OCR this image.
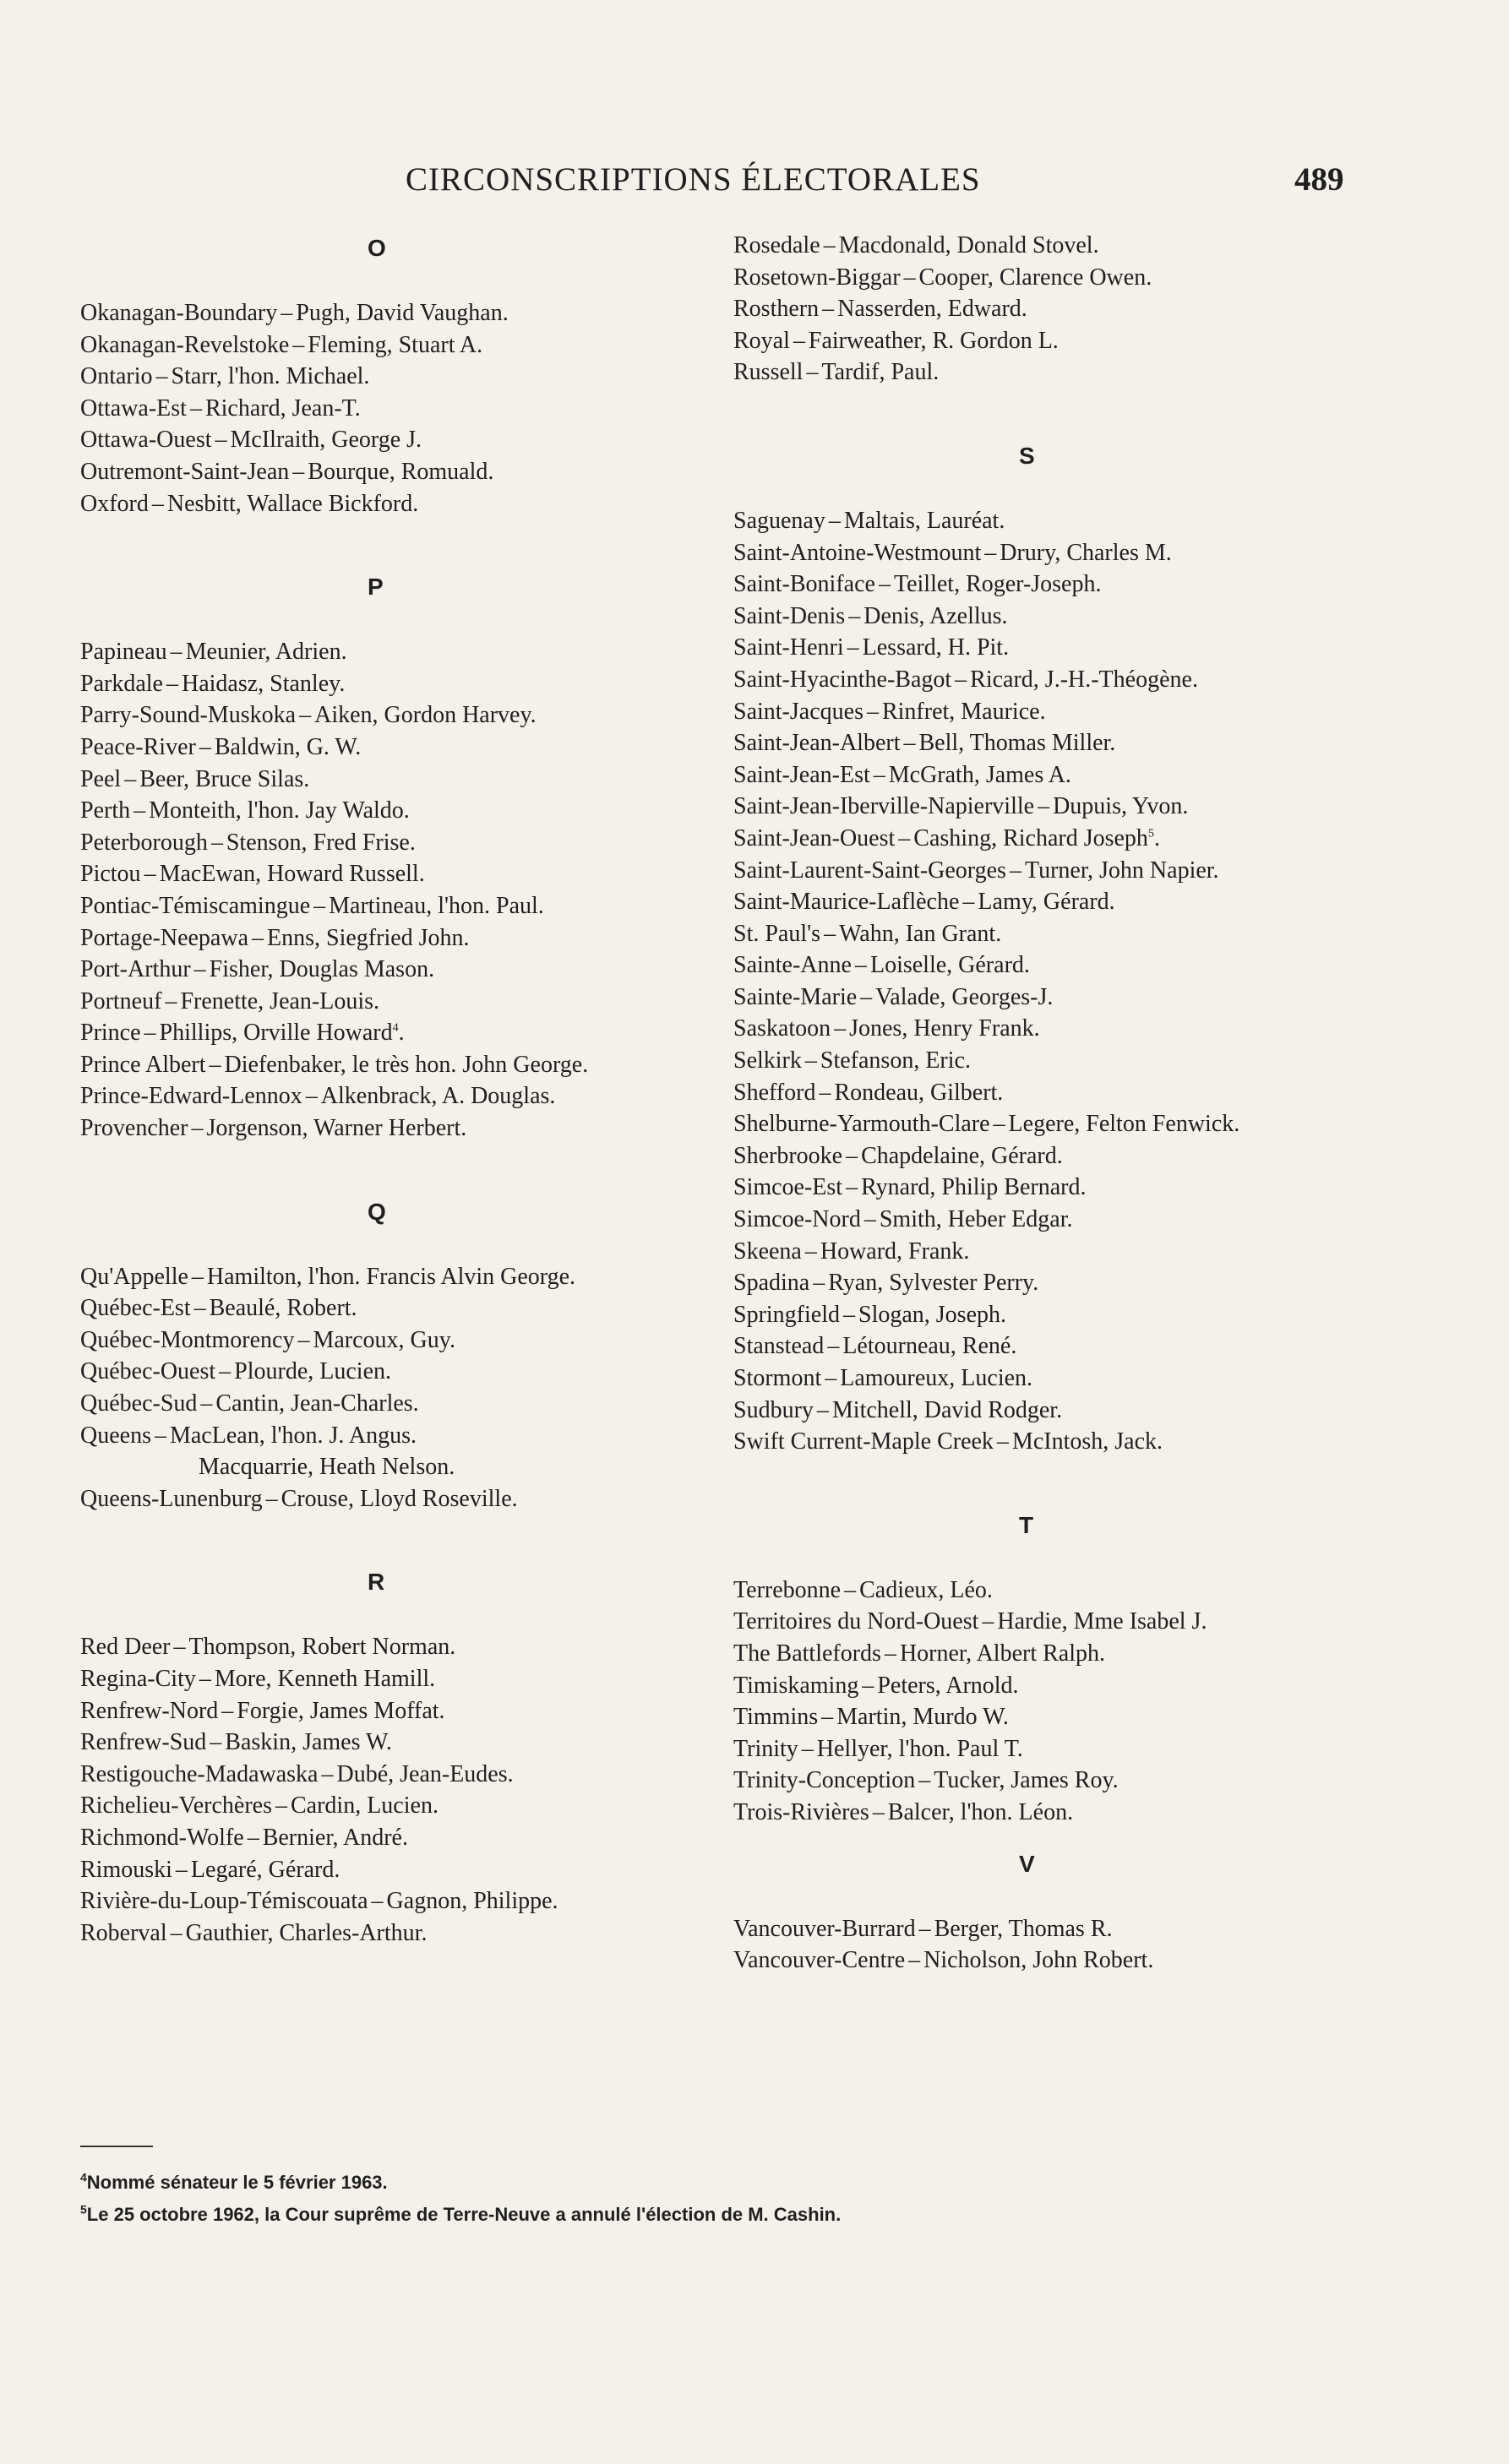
CIRCONSCRIPTIONS ÉLECTORALES	489
O
Okanagan-Boundary – Pugh, David Vaughan.
Okanagan-Revelstoke – Fleming, Stuart A.
Ontario – Starr, l'hon. Michael.
Ottawa-Est – Richard, Jean-T.
Ottawa-Ouest – McIlraith, George J.
Outremont-Saint-Jean – Bourque, Romuald.
Oxford – Nesbitt, Wallace Bickford.
P
Papineau – Meunier, Adrien.
Parkdale – Haidasz, Stanley.
Parry-Sound-Muskoka – Aiken, Gordon Harvey.
Peace-River – Baldwin, G. W.
Peel – Beer, Bruce Silas.
Perth – Monteith, l'hon. Jay Waldo.
Peterborough – Stenson, Fred Frise.
Pictou – MacEwan, Howard Russell.
Pontiac-Témiscamingue – Martineau, l'hon. Paul.
Portage-Neepawa – Enns, Siegfried John.
Port-Arthur – Fisher, Douglas Mason.
Portneuf – Frenette, Jean-Louis.
Prince – Phillips, Orville Howard$^4$.
Prince Albert – Diefenbaker, le très hon. John George.
Prince-Edward-Lennox – Alkenbrack, A. Douglas.
Provencher – Jorgenson, Warner Herbert.
Q
Qu'Appelle – Hamilton, l'hon. Francis Alvin George.
Québec-Est – Beaulé, Robert.
Québec-Montmorency – Marcoux, Guy.
Québec-Ouest – Plourde, Lucien.
Québec-Sud – Cantin, Jean-Charles.
Queens – MacLean, l'hon. J. Angus.
Macquarrie, Heath Nelson.
Queens-Lunenburg – Crouse, Lloyd Roseville.
R
Red Deer – Thompson, Robert Norman.
Regina-City – More, Kenneth Hamill.
Renfrew-Nord – Forgie, James Moffat.
Renfrew-Sud – Baskin, James W.
Restigouche-Madawaska – Dubé, Jean-Eudes.
Richelieu-Verchères – Cardin, Lucien.
Richmond-Wolfe – Bernier, André.
Rimouski – Legaré, Gérard.
Rivière-du-Loup-Témiscouata – Gagnon, Philippe.
Roberval – Gauthier, Charles-Arthur.
Rosedale – Macdonald, Donald Stovel.
Rosetown-Biggar – Cooper, Clarence Owen.
Rosthern – Nasserden, Edward.
Royal – Fairweather, R. Gordon L.
Russell – Tardif, Paul.
S
Saguenay – Maltais, Lauréat.
Saint-Antoine-Westmount – Drury, Charles M.
Saint-Boniface – Teillet, Roger-Joseph.
Saint-Denis – Denis, Azellus.
Saint-Henri – Lessard, H. Pit.
Saint-Hyacinthe-Bagot – Ricard, J.-H.-Théogène.
Saint-Jacques – Rinfret, Maurice.
Saint-Jean-Albert – Bell, Thomas Miller.
Saint-Jean-Est – McGrath, James A.
Saint-Jean-Iberville-Napierville – Dupuis, Yvon.
Saint-Jean-Ouest – Cashing, Richard Joseph$^5$.
Saint-Laurent-Saint-Georges – Turner, John Napier.
Saint-Maurice-Laflèche – Lamy, Gérard.
St. Paul's – Wahn, Ian Grant.
Sainte-Anne – Loiselle, Gérard.
Sainte-Marie – Valade, Georges-J.
Saskatoon – Jones, Henry Frank.
Selkirk – Stefanson, Eric.
Shefford – Rondeau, Gilbert.
Shelburne-Yarmouth-Clare – Legere, Felton Fenwick.
Sherbrooke – Chapdelaine, Gérard.
Simcoe-Est – Rynard, Philip Bernard.
Simcoe-Nord – Smith, Heber Edgar.
Skeena – Howard, Frank.
Spadina – Ryan, Sylvester Perry.
Springfield – Slogan, Joseph.
Stanstead – Létourneau, René.
Stormont – Lamoureux, Lucien.
Sudbury – Mitchell, David Rodger.
Swift Current-Maple Creek – McIntosh, Jack.
T
Terrebonne – Cadieux, Léo.
Territoires du Nord-Ouest – Hardie, Mme Isabel J.
The Battlefords – Horner, Albert Ralph.
Timiskaming – Peters, Arnold.
Timmins – Martin, Murdo W.
Trinity – Hellyer, l'hon. Paul T.
Trinity-Conception – Tucker, James Roy.
Trois-Rivières – Balcer, l'hon. Léon.
V
Vancouver-Burrard – Berger, Thomas R.
Vancouver-Centre – Nicholson, John Robert.
$^4$Nommé sénateur le 5 février 1963.
$^5$Le 25 octobre 1962, la Cour suprême de Terre-Neuve a annulé l'élection de M. Cashin.
